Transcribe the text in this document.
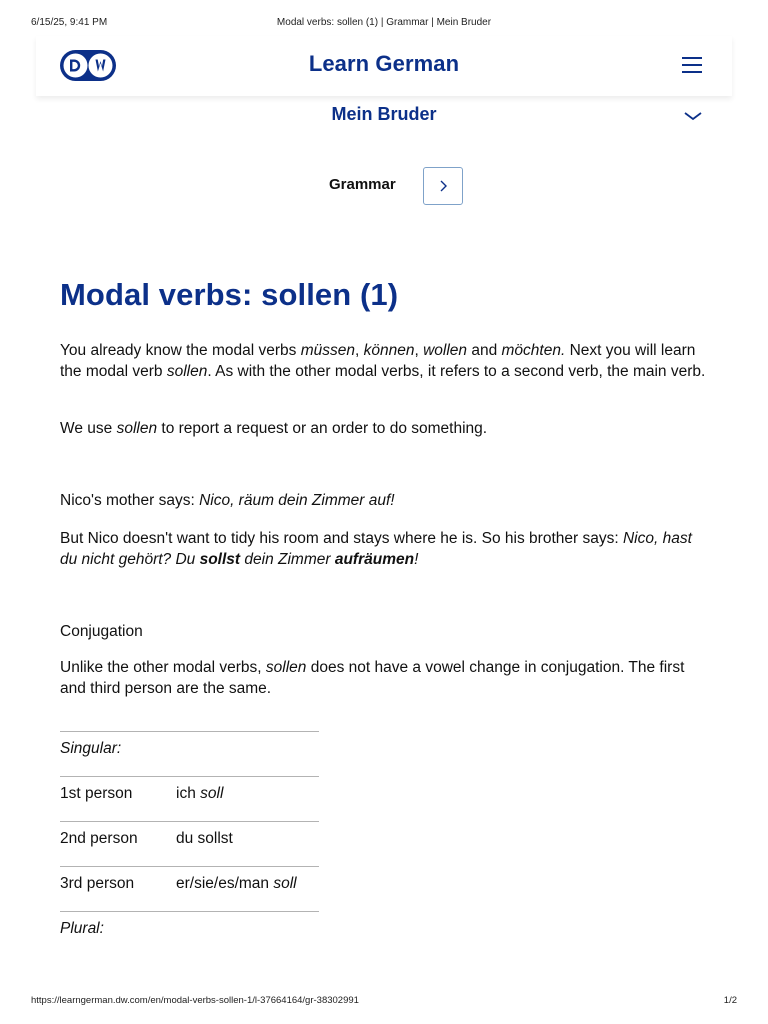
6/15/25, 9:41 PM	Modal verbs: sollen (1) | Grammar | Mein Bruder
Learn German
Mein Bruder
Grammar
Modal verbs: sollen (1)

You already know the modal verbs müssen, können, wollen and möchten. Next you will learn the modal verb sollen. As with the other modal verbs, it refers to a second verb, the main verb.

We use sollen to report a request or an order to do something.

Nico's mother says: Nico, räum dein Zimmer auf!

But Nico doesn't want to tidy his room and stays where he is. So his brother says: Nico, hast du nicht gehört? Du sollst dein Zimmer aufräumen!

Conjugation

Unlike the other modal verbs, sollen does not have a vowel change in conjugation. The first and third person are the same.

Singular:
1st person	ich soll
2nd person du sollst
3rd person	er/sie/es/man soll
Plural:
https://learngerman.dw.com/en/modal-verbs-sollen-1/l-37664164/gr-38302991	1/2
